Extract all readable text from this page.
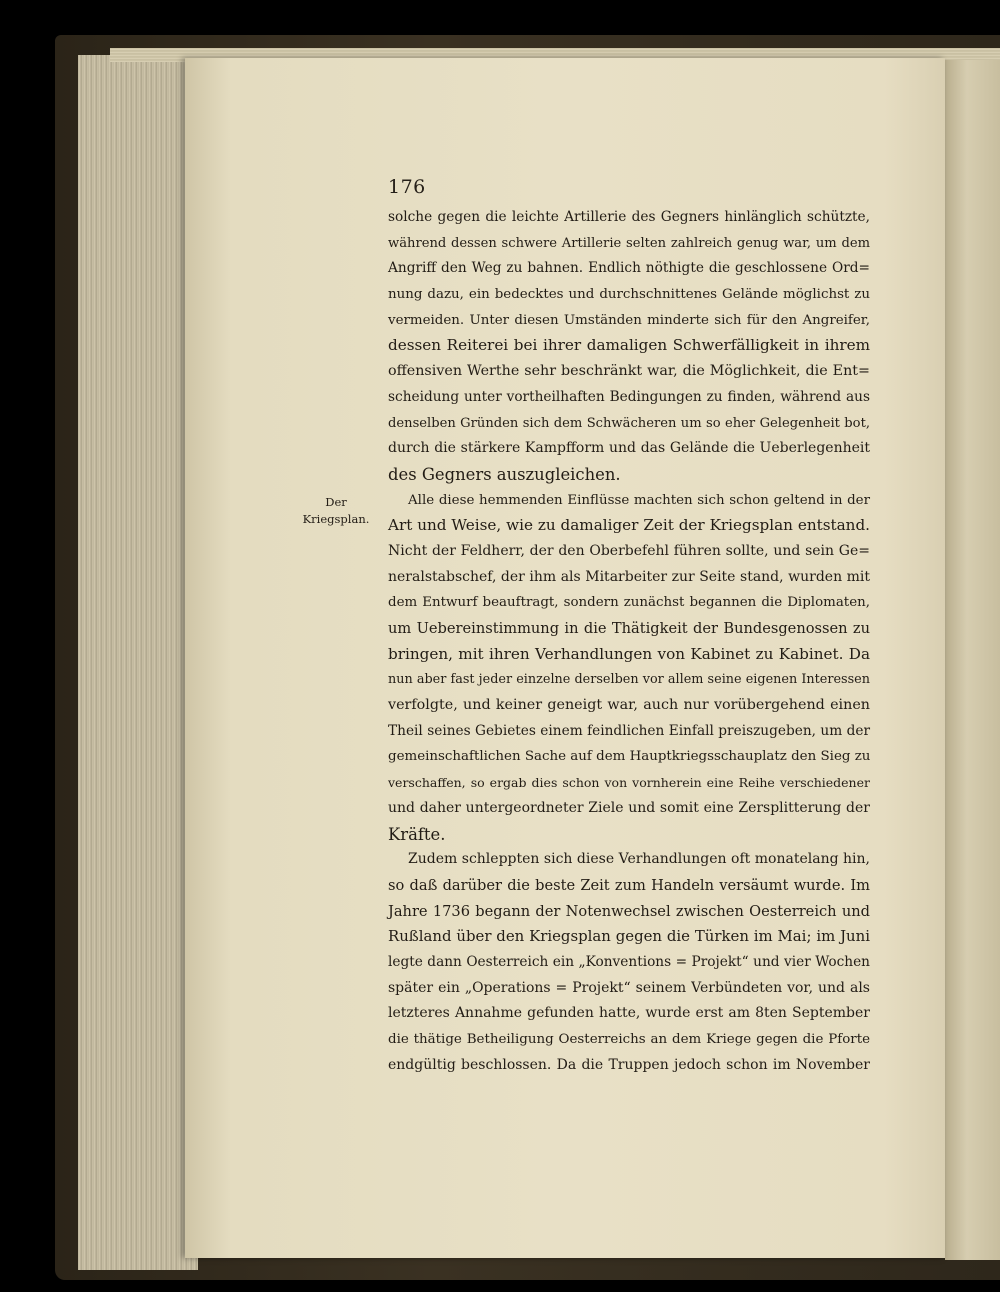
176
Der
Kriegsplan.
solche gegen die leichte Artillerie des Gegners hinlänglich schützte,
während dessen schwere Artillerie selten zahlreich genug war, um dem
Angriff den Weg zu bahnen. Endlich nöthigte die geschlossene Ord=
nung dazu, ein bedecktes und durchschnittenes Gelände möglichst zu
vermeiden. Unter diesen Umständen minderte sich für den Angreifer,
dessen Reiterei bei ihrer damaligen Schwerfälligkeit in ihrem
offensiven Werthe sehr beschränkt war, die Möglichkeit, die Ent=
scheidung unter vortheilhaften Bedingungen zu finden, während aus
denselben Gründen sich dem Schwächeren um so eher Gelegenheit bot,
durch die stärkere Kampfform und das Gelände die Ueberlegenheit
des Gegners auszugleichen.
Alle diese hemmenden Einflüsse machten sich schon geltend in der
Art und Weise, wie zu damaliger Zeit der Kriegsplan entstand.
Nicht der Feldherr, der den Oberbefehl führen sollte, und sein Ge=
neralstabschef, der ihm als Mitarbeiter zur Seite stand, wurden mit
dem Entwurf beauftragt, sondern zunächst begannen die Diplomaten,
um Uebereinstimmung in die Thätigkeit der Bundesgenossen zu
bringen, mit ihren Verhandlungen von Kabinet zu Kabinet. Da
nun aber fast jeder einzelne derselben vor allem seine eigenen Interessen
verfolgte, und keiner geneigt war, auch nur vorübergehend einen
Theil seines Gebietes einem feindlichen Einfall preiszugeben, um der
gemeinschaftlichen Sache auf dem Hauptkriegsschauplatz den Sieg zu
verschaffen, so ergab dies schon von vornherein eine Reihe verschiedener
und daher untergeordneter Ziele und somit eine Zersplitterung der
Kräfte.
Zudem schleppten sich diese Verhandlungen oft monatelang hin,
so daß darüber die beste Zeit zum Handeln versäumt wurde. Im
Jahre 1736 begann der Notenwechsel zwischen Oesterreich und
Rußland über den Kriegsplan gegen die Türken im Mai; im Juni
legte dann Oesterreich ein „Konventions = Projekt“ und vier Wochen
später ein „Operations = Projekt“ seinem Verbündeten vor, und als
letzteres Annahme gefunden hatte, wurde erst am 8ten September
die thätige Betheiligung Oesterreichs an dem Kriege gegen die Pforte
endgültig beschlossen. Da die Truppen jedoch schon im November
